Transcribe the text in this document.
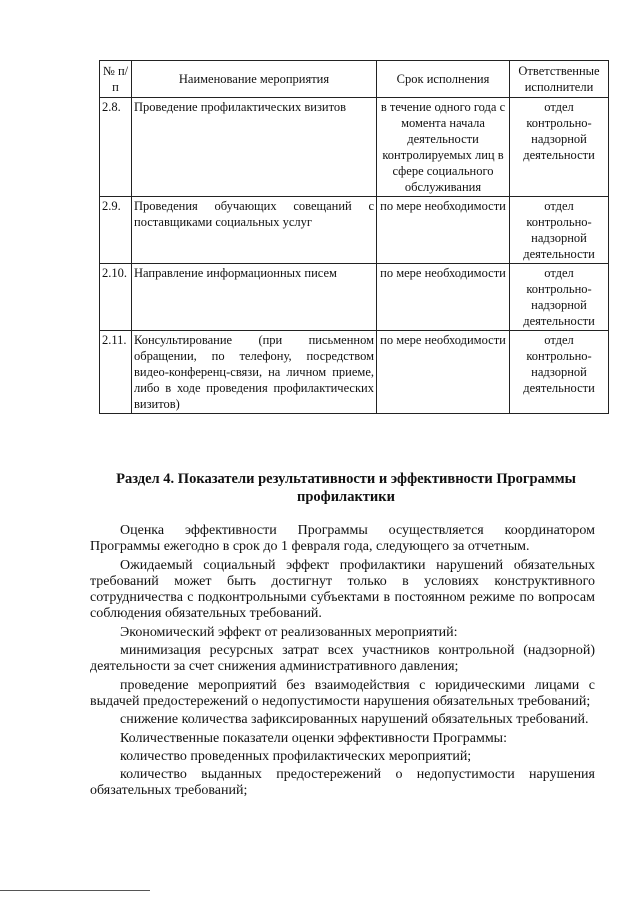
№ п/п	Наименование мероприятия	Срок исполнения	Ответственные исполнители
2.8.	Проведение профилактических визитов	в течение одного года с момента начала деятельности контролируемых лиц в сфере социального обслуживания	отдел контрольно-надзорной деятельности
2.9.	Проведения обучающих совещаний с поставщиками социальных услуг	по мере необходимости	отдел контрольно-надзорной деятельности
2.10.	Направление информационных писем	по мере необходимости	отдел контрольно-надзорной деятельности
2.11.	Консультирование (при письменном обращении, по телефону, посредством видео-конференц-связи, на личном приеме, либо в ходе проведения профилактических визитов)	по мере необходимости	отдел контрольно-надзорной деятельности
Раздел 4. Показатели результативности и эффективности Программы профилактики

Оценка эффективности Программы осуществляется координатором Программы ежегодно в срок до 1 февраля года, следующего за отчетным.

Ожидаемый социальный эффект профилактики нарушений обязательных требований может быть достигнут только в условиях конструктивного сотрудничества с подконтрольными субъектами в постоянном режиме по вопросам соблюдения обязательных требований.

Экономический эффект от реализованных мероприятий:

минимизация ресурсных затрат всех участников контрольной (надзорной) деятельности за счет снижения административного давления;

проведение мероприятий без взаимодействия с юридическими лицами с выдачей предостережений о недопустимости нарушения обязательных требований;

снижение количества зафиксированных нарушений обязательных требований.

Количественные показатели оценки эффективности Программы:

количество проведенных профилактических мероприятий;

количество выданных предостережений о недопустимости нарушения обязательных требований;
